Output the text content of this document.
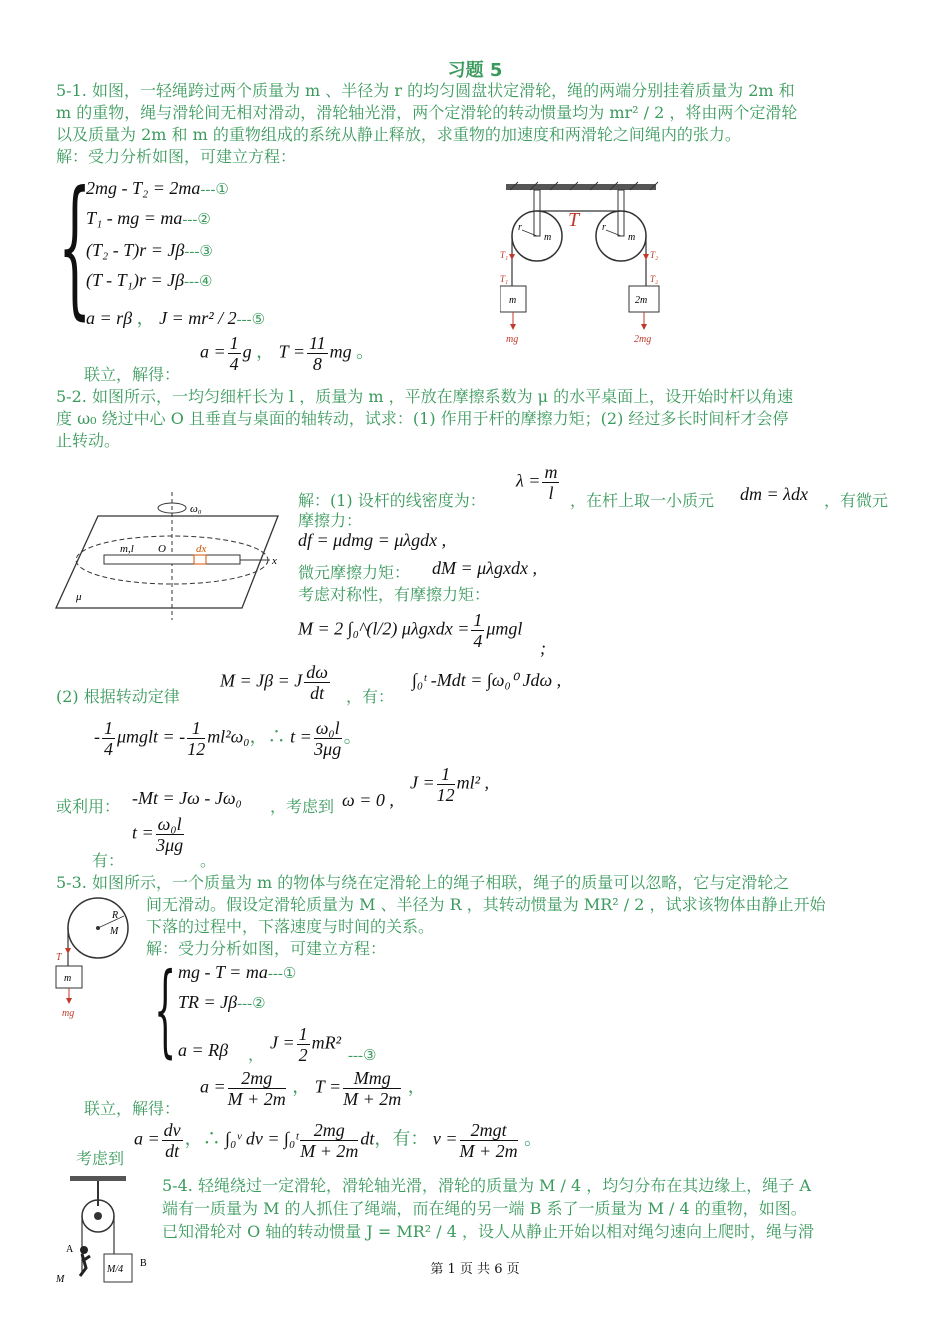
习题 5
5-1. 如图，一轻绳跨过两个质量为 m 、半径为 r 的均匀圆盘状定滑轮，绳的两端分别挂着质量为 2m 和
m 的重物，绳与滑轮间无相对滑动，滑轮轴光滑，两个定滑轮的转动惯量均为 mr² / 2 ，将由两个定滑轮
以及质量为 2m 和 m 的重物组成的系统从静止释放，求重物的加速度和两滑轮之间绳内的张力。
解：受力分析如图，可建立方程：
{
2mg - T₂ = 2ma---①
T₁ - mg = ma---②
(T₂ - T)r = Jβ---③
(T - T₁)r = Jβ---④
a = rβ ， J = mr² / 2---⑤
联立，解得：
$a = \frac{1}{4}$ g ， $T = \frac{11}{8}$ mg 。
r	r
m	m
T
T₁
T₁
T₂
T₂
m	2m
mg	2mg
5-2. 如图所示，一均匀细杆长为 l ，质量为 m ，平放在摩擦系数为 μ 的水平桌面上，设开始时杆以角速
度 ω₀ 绕过中心 O 且垂直与桌面的轴转动，试求：(1) 作用于杆的摩擦力矩；(2) 经过多长时间杆才会停
止转动。
ω₀
m,l O	dx
x
μ
解：(1) 设杆的线密度为：
$\lambda = \frac{m}{l}$ ，在杆上取一小质元 dm = λdx ，有微元
摩擦力：
df = μdmg = μλgdx ,
微元摩擦力矩： dM = μλgxdx ,
考虑对称性，有摩擦力矩：
M = 2 ∫₀^(l/2) μλgxdx = $\frac{1}{4}$ μmgl
;
(2) 根据转动定律
M = Jβ = J $\frac{d\omega}{dt}$ ，有：
∫₀ᵗ -Mdt = ∫ω₀⁰ Jdω ,
- $\frac{1}{4}$ μmglt = - $\frac{1}{12} ml^2\omega_0$，∴ $t = \frac{\text{ω₀l}}{3\mu g}$ 。
或利用： -Mt = Jω - Jω₀ ，考虑到 ω = 0 ,
$J = \frac{1}{12} ml^2$ ,
$t = \frac{\text{ω₀l}}{3\mu g}$
有：	。
5-3. 如图所示，一个质量为 m 的物体与绕在定滑轮上的绳子相联，绳子的质量可以忽略，它与定滑轮之
间无滑动。假设定滑轮质量为 M 、半径为 R ，其转动惯量为 MR² / 2 ，试求该物体由静止开始
下落的过程中，下落速度与时间的关系。
解：受力分析如图，可建立方程：
R
M
T
m
mg { mg - T = ma---①
TR = Jβ---②
a = Rβ ，
$J = \frac{1}{2} mR^2$
---③
联立，解得：
$a = \frac{2mg}{M + 2m}$ ， $T = \frac{\text{Mmg}}{M + 2m}$ ，
考虑到
$a = \frac{dv}{dt}$ ，∴ ∫₀ᵛ dv = ∫₀ᵗ $\frac{2mg}{M + 2m}$ dt，有： $v = \frac{\text{2mgt}}{M + 2m}$ 。
A
B
M
M/4
5-4. 轻绳绕过一定滑轮，滑轮轴光滑，滑轮的质量为 M / 4 ，均匀分布在其边缘上，绳子 A
端有一质量为 M 的人抓住了绳端，而在绳的另一端 B 系了一质量为 M / 4 的重物，如图。
已知滑轮对 O 轴的转动惯量 J = MR² / 4 ，设人从静止开始以相对绳匀速向上爬时，绳与滑
第 1 页 共 6 页
